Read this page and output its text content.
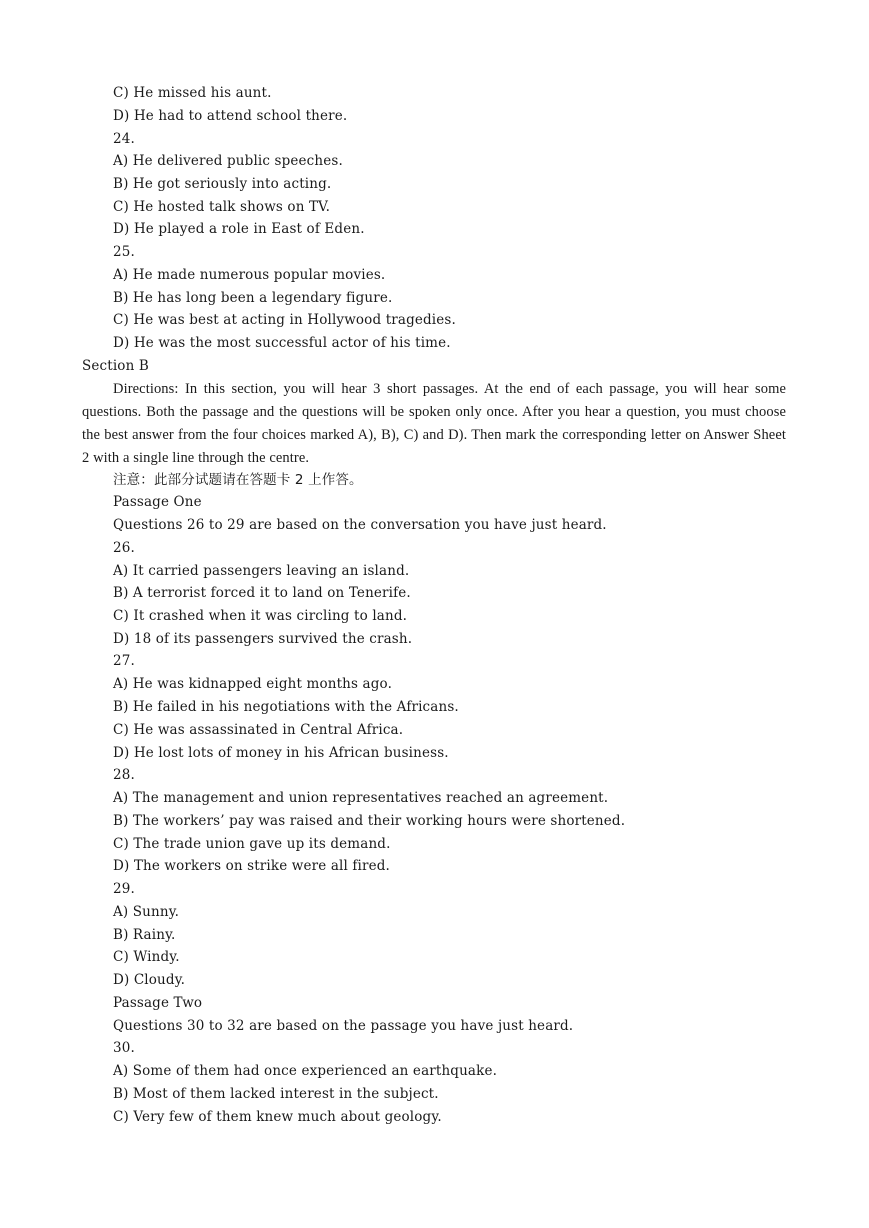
C) He missed his aunt.
D) He had to attend school there.
24.
A) He delivered public speeches.
B) He got seriously into acting.
C) He hosted talk shows on TV.
D) He played a role in East of Eden.
25.
A) He made numerous popular movies.
B) He has long been a legendary figure.
C) He was best at acting in Hollywood tragedies.
D) He was the most successful actor of his time.
Section B
Directions: In this section, you will hear 3 short passages. At the end of each passage, you will hear some questions. Both the passage and the questions will be spoken only once. After you hear a question, you must choose the best answer from the four choices marked A), B), C) and D). Then mark the corresponding letter on Answer Sheet 2 with a single line through the centre.
注意：此部分试题请在答题卡 2 上作答。
Passage One
Questions 26 to 29 are based on the conversation you have just heard.
26.
A) It carried passengers leaving an island.
B) A terrorist forced it to land on Tenerife.
C) It crashed when it was circling to land.
D) 18 of its passengers survived the crash.
27.
A) He was kidnapped eight months ago.
B) He failed in his negotiations with the Africans.
C) He was assassinated in Central Africa.
D) He lost lots of money in his African business.
28.
A) The management and union representatives reached an agreement.
B) The workers’ pay was raised and their working hours were shortened.
C) The trade union gave up its demand.
D) The workers on strike were all fired.
29.
A) Sunny.
B) Rainy.
C) Windy.
D) Cloudy.
Passage Two
Questions 30 to 32 are based on the passage you have just heard.
30.
A) Some of them had once experienced an earthquake.
B) Most of them lacked interest in the subject.
C) Very few of them knew much about geology.
